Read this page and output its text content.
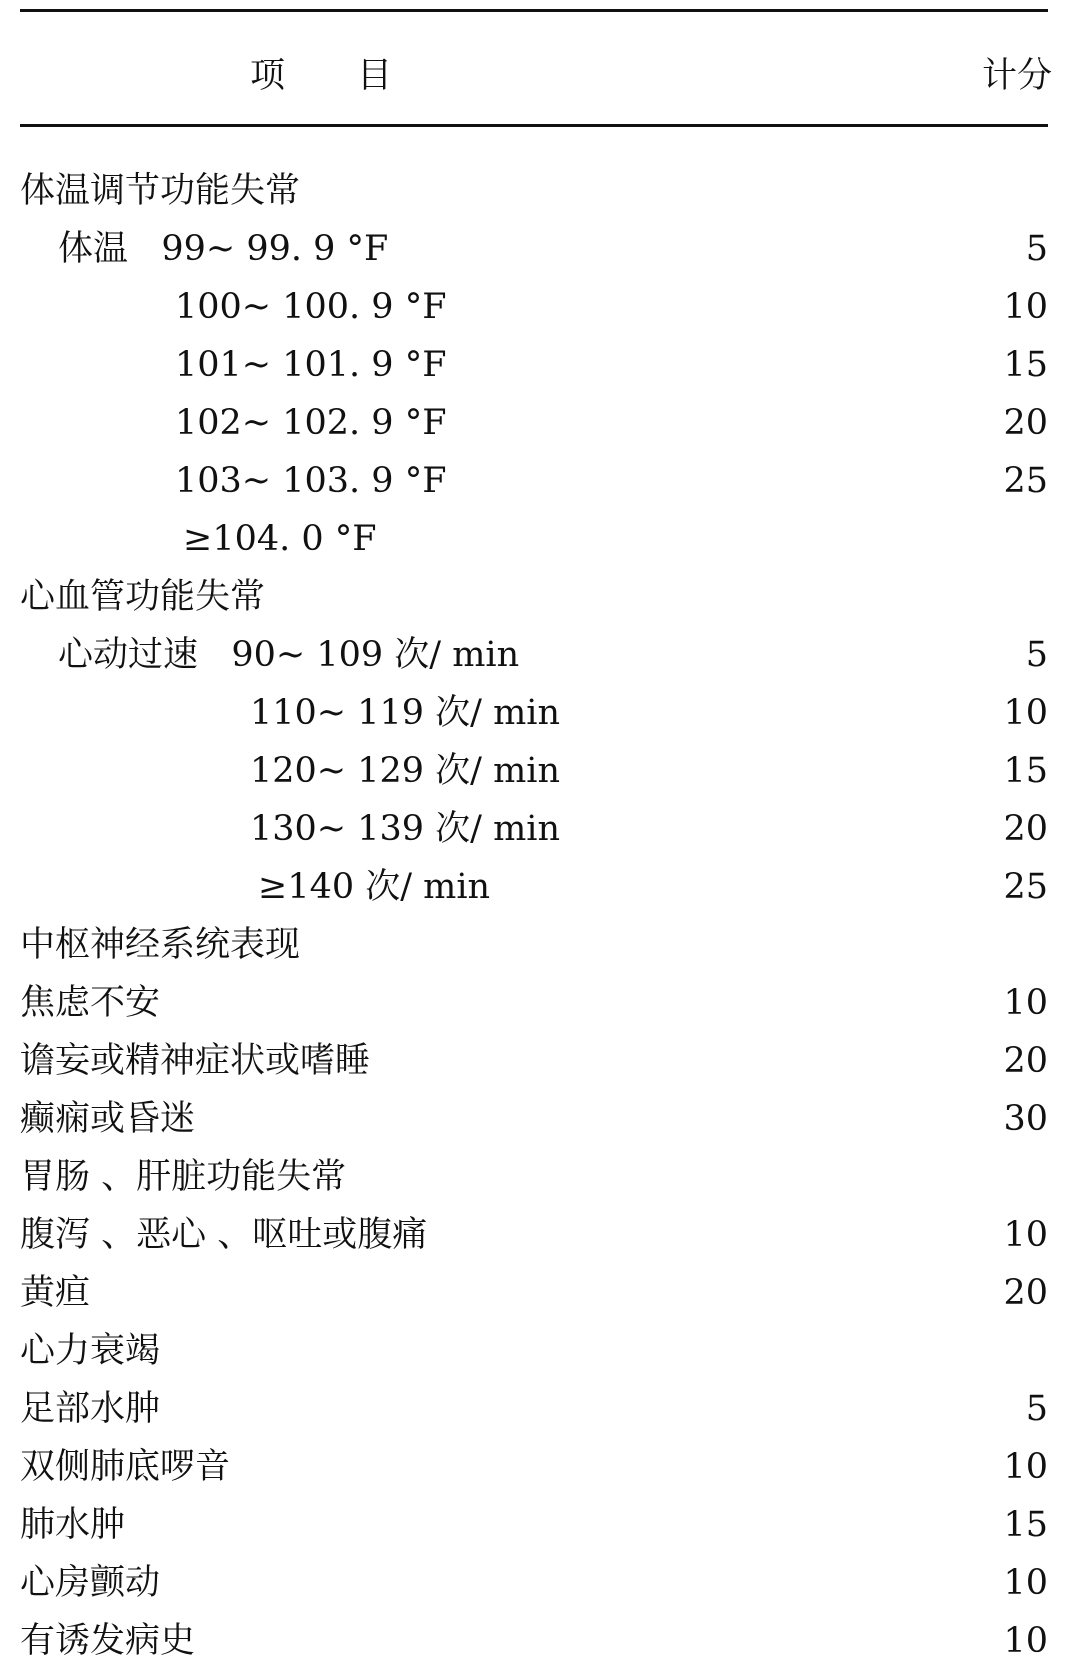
项 目	计分
体温调节功能失常
体温   99~ 99. 9 °F	5
100~ 100. 9 °F	10
101~ 101. 9 °F	15
102~ 102. 9 °F	20
103~ 103. 9 °F	25
≥104. 0 °F
心血管功能失常
心动过速   90~ 109 次/ min	5
110~ 119 次/ min	10
120~ 129 次/ min	15
130~ 139 次/ min	20
≥140 次/ min	25
中枢神经系统表现
焦虑不安	10
谵妄或精神症状或嗜睡	20
癫痫或昏迷	30
胃肠 、肝脏功能失常
腹泻 、恶心 、呕吐或腹痛	10
黄疸	20
心力衰竭
足部水肿	5
双侧肺底啰音	10
肺水肿	15
心房颤动	10
有诱发病史	10
